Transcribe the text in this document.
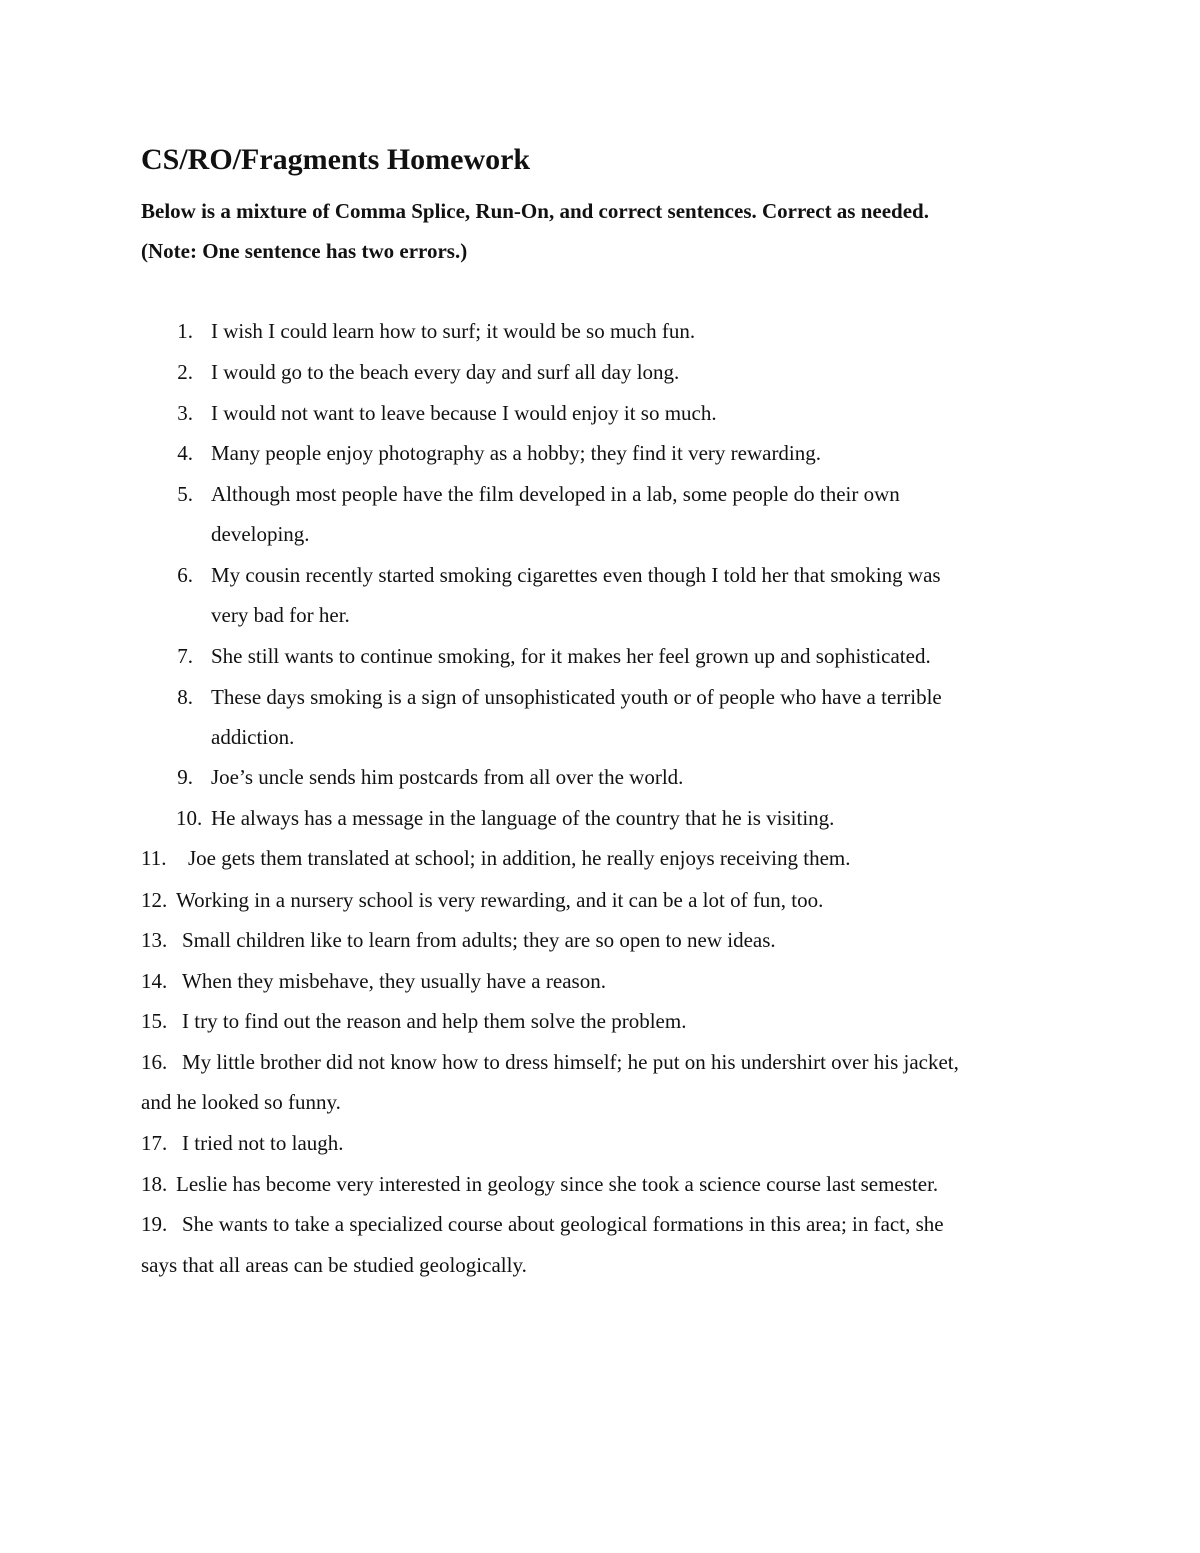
CS/RO/Fragments Homework

Below is a mixture of Comma Splice, Run-On, and correct sentences. Correct as needed.

(Note: One sentence has two errors.)

1. I wish I could learn how to surf; it would be so much fun.
2. I would go to the beach every day and surf all day long.
3. I would not want to leave because I would enjoy it so much.
4. Many people enjoy photography as a hobby; they find it very rewarding.
5. Although most people have the film developed in a lab, some people do their own
developing.
6. My cousin recently started smoking cigarettes even though I told her that smoking was
very bad for her.
7. She still wants to continue smoking, for it makes her feel grown up and sophisticated.
8. These days smoking is a sign of unsophisticated youth or of people who have a terrible
addiction.
9. Joe’s uncle sends him postcards from all over the world.
10. He always has a message in the language of the country that he is visiting.
11. Joe gets them translated at school; in addition, he really enjoys receiving them.
12. Working in a nursery school is very rewarding, and it can be a lot of fun, too.
13. Small children like to learn from adults; they are so open to new ideas.
14. When they misbehave, they usually have a reason.
15. I try to find out the reason and help them solve the problem.
16. My little brother did not know how to dress himself; he put on his undershirt over his jacket,
and he looked so funny.
17. I tried not to laugh.
18. Leslie has become very interested in geology since she took a science course last semester.
19. She wants to take a specialized course about geological formations in this area; in fact, she
says that all areas can be studied geologically.
